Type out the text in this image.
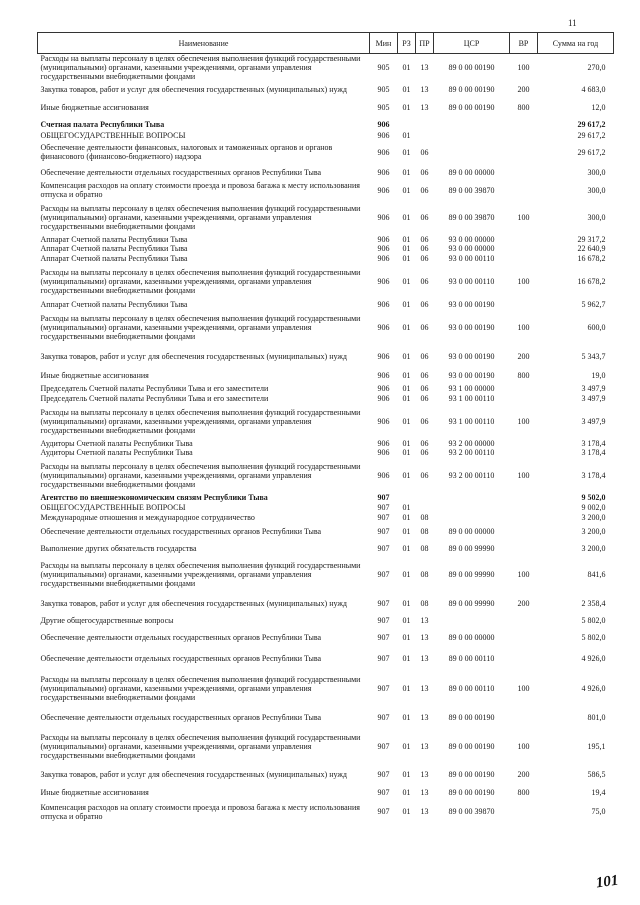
11
Наименование	Мин	РЗ	ПР	ЦСР	ВР	Сумма на год
Расходы на выплаты персоналу в целях обеспечения выполнения функций государственными (муниципальными) органами, казенными учреждениями, органами управления государственными внебюджетными фондами	905	01	13	89 0 00 00190	100	270,0
Закупка товаров, работ и услуг для обеспечения государственных (муниципальных) нужд	905	01	13	89 0 00 00190	200	4 683,0
Иные бюджетные ассигнования	905	01	13	89 0 00 00190	800	12,0
Счетная палата Республики Тыва	906					29 617,2
ОБЩЕГОСУДАРСТВЕННЫЕ ВОПРОСЫ	906	01				29 617,2
Обеспечение деятельности финансовых, налоговых и таможенных органов и органов финансового (финансово-бюджетного) надзора	906	01	06			29 617,2
Обеспечение деятельности отдельных государственных органов Республики Тыва	906	01	06	89 0 00 00000		300,0
Компенсация расходов на оплату стоимости проезда и провоза багажа к месту использования отпуска и обратно	906	01	06	89 0 00 39870		300,0
Расходы на выплаты персоналу в целях обеспечения выполнения функций государственными (муниципальными) органами, казенными учреждениями, органами управления государственными внебюджетными фондами	906	01	06	89 0 00 39870	100	300,0
Аппарат Счетной палаты Республики Тыва	906	01	06	93 0 00 00000		29 317,2
Аппарат Счетной палаты Республики Тыва	906	01	06	93 0 00 00000		22 640,9
Аппарат Счетной палаты Республики Тыва	906	01	06	93 0 00 00110		16 678,2
Расходы на выплаты персоналу в целях обеспечения выполнения функций государственными (муниципальными) органами, казенными учреждениями, органами управления государственными внебюджетными фондами	906	01	06	93 0 00 00110	100	16 678,2
Аппарат Счетной палаты Республики Тыва	906	01	06	93 0 00 00190		5 962,7
Расходы на выплаты персоналу в целях обеспечения выполнения функций государственными (муниципальными) органами, казенными учреждениями, органами управления государственными внебюджетными фондами	906	01	06	93 0 00 00190	100	600,0
Закупка товаров, работ и услуг для обеспечения государственных (муниципальных) нужд	906	01	06	93 0 00 00190	200	5 343,7
Иные бюджетные ассигнования	906	01	06	93 0 00 00190	800	19,0
Председатель Счетной палаты Республики Тыва и его заместители	906	01	06	93 1 00 00000		3 497,9
Председатель Счетной палаты Республики Тыва и его заместители	906	01	06	93 1 00 00110		3 497,9
Расходы на выплаты персоналу в целях обеспечения выполнения функций государственными (муниципальными) органами, казенными учреждениями, органами управления государственными внебюджетными фондами	906	01	06	93 1 00 00110	100	3 497,9
Аудиторы Счетной палаты Республики Тыва	906	01	06	93 2 00 00000		3 178,4
Аудиторы Счетной палаты Республики Тыва	906	01	06	93 2 00 00110		3 178,4
Расходы на выплаты персоналу в целях обеспечения выполнения функций государственными (муниципальными) органами, казенными учреждениями, органами управления государственными внебюджетными фондами	906	01	06	93 2 00 00110	100	3 178,4
Агентство по внешнеэкономическим связям Республики Тыва	907					9 502,0
ОБЩЕГОСУДАРСТВЕННЫЕ ВОПРОСЫ	907	01				9 002,0
Международные отношения и международное сотрудничество	907	01	08			3 200,0
Обеспечение деятельности отдельных государственных органов Республики Тыва	907	01	08	89 0 00 00000		3 200,0
Выполнение других обязательств государства	907	01	08	89 0 00 99990		3 200,0
Расходы на выплаты персоналу в целях обеспечения выполнения функций государственными (муниципальными) органами, казенными учреждениями, органами управления государственными внебюджетными фондами	907	01	08	89 0 00 99990	100	841,6
Закупка товаров, работ и услуг для обеспечения государственных (муниципальных) нужд	907	01	08	89 0 00 99990	200	2 358,4
Другие общегосударственные вопросы	907	01	13			5 802,0
Обеспечение деятельности отдельных государственных органов Республики Тыва	907	01	13	89 0 00 00000		5 802,0
Обеспечение деятельности отдельных государственных органов Республики Тыва	907	01	13	89 0 00 00110		4 926,0
Расходы на выплаты персоналу в целях обеспечения выполнения функций государственными (муниципальными) органами, казенными учреждениями, органами управления государственными внебюджетными фондами	907	01	13	89 0 00 00110	100	4 926,0
Обеспечение деятельности отдельных государственных органов Республики Тыва	907	01	13	89 0 00 00190		801,0
Расходы на выплаты персоналу в целях обеспечения выполнения функций государственными (муниципальными) органами, казенными учреждениями, органами управления государственными внебюджетными фондами	907	01	13	89 0 00 00190	100	195,1
Закупка товаров, работ и услуг для обеспечения государственных (муниципальных) нужд	907	01	13	89 0 00 00190	200	586,5
Иные бюджетные ассигнования	907	01	13	89 0 00 00190	800	19,4
Компенсация расходов на оплату стоимости проезда и провоза багажа к месту использования отпуска и обратно	907	01	13	89 0 00 39870		75,0
101
